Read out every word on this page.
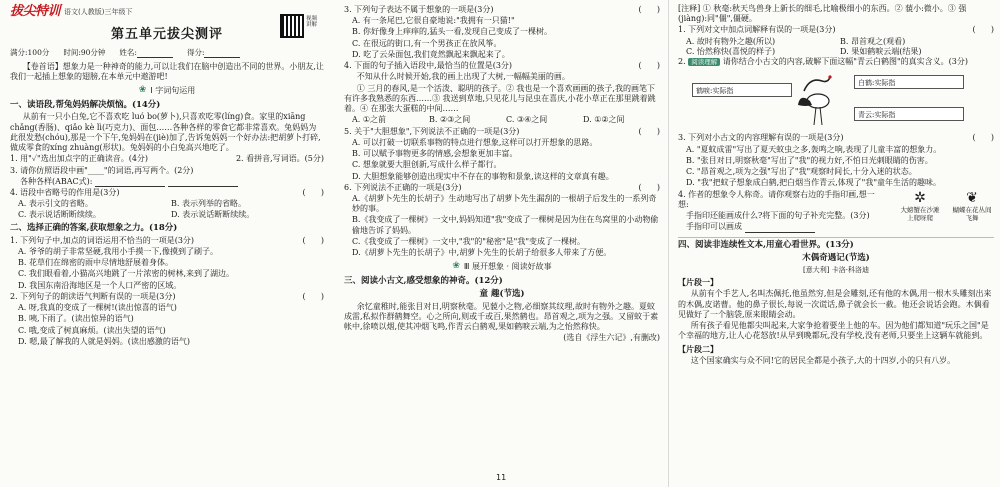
拔尖特训 语文(人教版)三年级下
第五单元拔尖测评
视频讲解
满分:100分 时间:90分钟 姓名:	得分:
【卷首语】想象力是一种神奇的能力,可以让我们在脑中创造出不同的世界。小朋友,让我们一起插上想象的翅膀,在本单元中遨游吧!
❀ Ⅰ 字词句运用
一、读语段,帮兔妈妈解决烦恼。(14分)
从前有一只小白兔,它不喜欢吃 luó bo(萝卜),只喜欢吃零(líng)食。家里的xiāng chǎng(香肠)、qiǎo kè lì(巧克力)、面包……各种各样的零食它都非常喜欢。兔妈妈为此很发愁(chóu),那是一个下午,兔妈妈在(jiè)加了,告诉兔妈妈一个好办法:把胡萝卜打碎,做成零食的xíng zhuàng(形状)。兔妈妈的小白兔高兴地吃了。
1. 用"✓"选出加点字的正确读音。(4分)	2. 看拼音,写词语。(5分)
3. 请你仿照语段中画"____"的词语,再写两个。(2分)
各种各样(ABAC式):
4. 语段中省略号的作用是(3分)	(      )
A. 表示引文的省略。	B. 表示列举的省略。
C. 表示说话断断续续。	D. 表示说话断断续续。
二、选择正确的答案,获取想象之力。(18分)
1. 下列句子中,加点的词语运用不恰当的一项是(3分)	(      )
A. 爷爷的胡子非常坚硬,我用小手摸一下,像摸到了刷子。
B. 花草们在绵密的雨中尽情地舒展着身体。
C. 我们眼看着,小猫高兴地跳了一片浓密的树林,来到了湖边。
D. 我国东南沿海地区是一个人口严密的区域。
2. 下列句子的朗读语气判断有误的一项是(3分)	(      )
A. 呀,我真的变成了一棵树!(读出惊喜的语气)
B. 咦,下雨了。(读出惊异的语气)
C. 哦,变成了树真麻烦。(读出失望的语气)
D. 嗯,最了解我的人就是妈妈。(读出感激的语气)
3. 下列句子表达不属于想象的一项是(3分)	(      )
A. 有一条尾巴,它很自豪地说:"我拥有一只猫!"
B. 你好像身上痒痒的,猛头一看,发现自己变成了一棵树。
C. 在很远的街口,有一个男孩正在放风筝。
D. 吃了云朵面包,我们竟然飘起来飘起来了。
4. 下面的句子插入语段中,最恰当的位置是(3分)	(      )
不知从什么时候开始,我的画上出现了大树,一幅幅美丽的画。
① 三月的春风,是一个活泼、聪明的孩子。② 我也是一个喜欢画画的孩子,我的画笔下有许多我熟悉的东西……③ 我送到草地,只见花儿与昆虫在喜庆,小花小草正在那里跳着跳着。④ 在那张大蛋糕的中间……
A. ①之前	B. ②③之间	C. ③④之间	D. ①②之间
5. 关于"大胆想象",下列说法不正确的一项是(3分)	(      )
A. 可以打破一切联系事物的特点进行想象,这样可以打开想象的思路。
B. 可以赋予事物更多的情感,会想象更加丰富。
C. 想象就要大胆创新,写成什么样子都行。
D. 大胆想象能够创造出现实中不存在的事物和景象,读这样的文章真有趣。
6. 下列说法不正确的一项是(3分)	(      )
A.《胡萝卜先生的长胡子》生动地写出了胡萝卜先生漏刮的一根胡子后发生的一系列奇妙的事。
B.《我变成了一棵树》一文中,妈妈知道"我"变成了一棵树是因为住在鸟窝里的小动物偷偷地告诉了妈妈。
C.《我变成了一棵树》一文中,"我"的"秘密"是"我"变成了一棵树。
D.《胡萝卜先生的长胡子》中,胡萝卜先生的长胡子给很多人带来了方便。
❀ Ⅲ 展开想象 · 阅读好故事
三、阅读小古文,感受想象的神奇。(12分)
童 趣(节选)
余忆童稚时,能张目对日,明察秋毫。见藐小之物,必细察其纹理,故时有物外之趣。夏蚊成雷,私拟作群鹤舞空。心之所向,则或千或百,果然鹤也。昂首观之,项为之强。又留蚊于素帐中,徐喷以烟,使其冲烟飞鸣,作青云白鹤观,果如鹤唳云端,为之怡然称快。
(选自《浮生六记》,有删改)
[注释] ① 秋毫:秋天鸟兽身上新长的细毛,比喻极细小的东西。② 藐小:微小。③ 强(jiàng):同"僵",僵硬。
1. 下列对文中加点词解释有误的一项是(3分)	(      )
A. 故时有物外之趣(所以)	B. 昂首观之(观看)
C. 怡然称快(喜悦的样子)	D. 果如鹤唳云端(结果)
2. 阅读理解 请你结合小古文的内容,破解下面这幅"青云白鹤图"的真实含义。(3分)
鹤唳:实际指
白鹤:实际指
青云:实际指
3. 下列对小古文的内容理解有误的一项是(3分)	(      )
A. "夏蚊成雷"写出了夏天蚊虫之多,轰鸣之响,表现了儿童丰富的想象力。
B. "张目对日,明察秋毫"写出了"我"的视力好,不怕日光刺眼睛的伤害。
C. "昂首观之,项为之强"写出了"我"观察时间长,十分入迷的状态。
D. "我"把蚊子想象成白鹤,把白烟当作青云,体现了"我"童年生活的趣味。
4. 作者的想象令人称奇。请你观察右边的手指印画,想一想:
手指印还能画成什么?将下面的句子补充完整。(3分)
手指印可以画成
✲
大螃蟹在沙滩上爬呀爬
❦
蝴蝶在花丛间飞舞
四、阅读非连续性文本,用童心看世界。(13分)
木偶奇遇记(节选)
[意大利] 卡洛·科洛迪
【片段一】
从前有个手艺人,名叫杰佩托,他虽然穷,但是会雕刻,还有他的木偶,用一根木头雕刻出来的木偶,皮诺曹。他的鼻子很长,每说一次谎话,鼻子就会长一截。他还会说话会跑。木偶看见做好了一个脑袋,原来眼睛会动。
所有孩子看见他都尖叫起来,大家争抢着要坐上他的车。因为他们都知道"玩乐之国"是个幸福的地方,让人心花怒放!从早到晚都玩,没有学校,没有老师,只要坐上这辆车就能到。
【片段二】
这个国家确实与众不同!它的居民全都是小孩子,大的十四岁,小的只有八岁。
11
